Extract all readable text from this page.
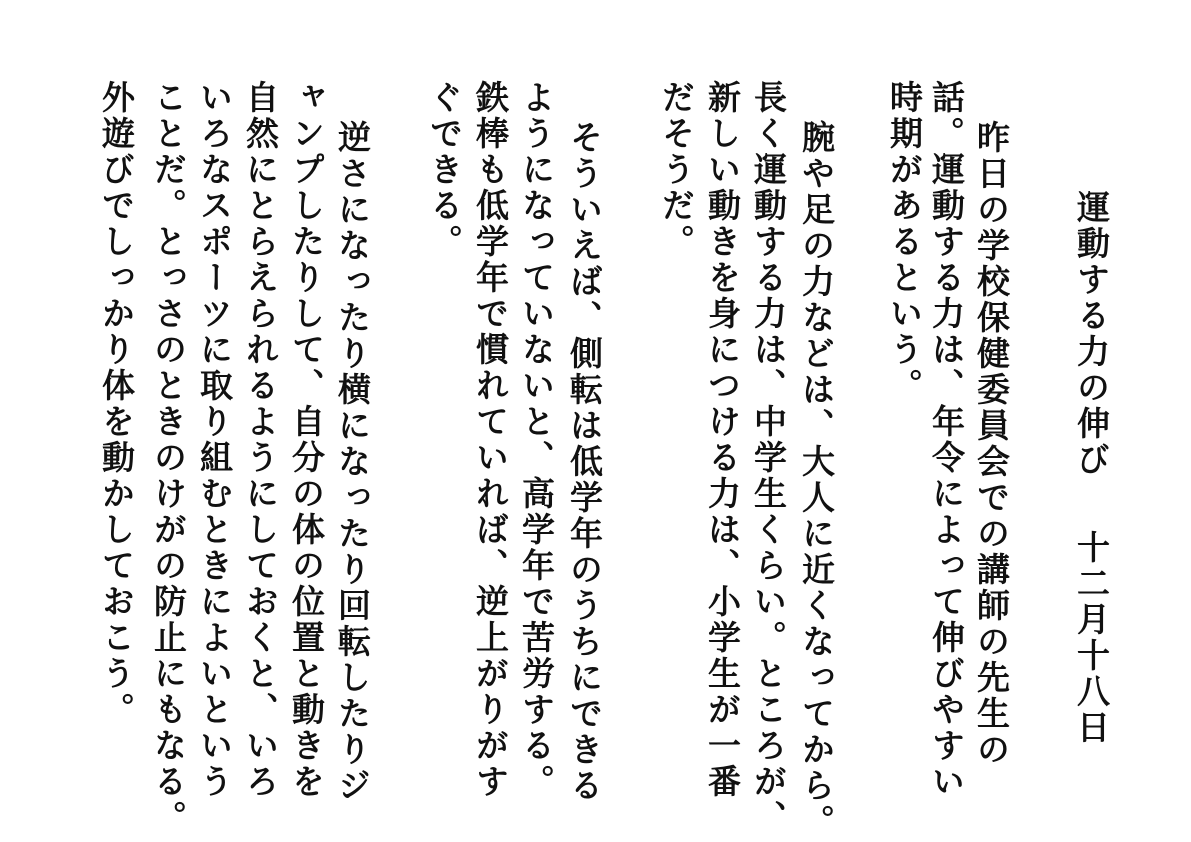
運動する力の伸び
十二月十八日
昨日の学校保健委員会での講師の先生の
話。運動する力は、年令によって伸びやすい
時期があるという。
腕や足の力などは、大人に近くなってから。
長く運動する力は、中学生くらい。ところが、
新しい動きを身につける力は、小学生が一番
だそうだ。
そういえば、側転は低学年のうちにできる
ようになっていないと、高学年で苦労する。
鉄棒も低学年で慣れていれば、逆上がりがす
ぐできる。
逆さになったり横になったり回転したりジ
ャンプしたりして、自分の体の位置と動きを
自然にとらえられるようにしておくと、いろ
いろなスポーツに取り組むときによいという
ことだ。とっさのときのけがの防止にもなる。
外遊びでしっかり体を動かしておこう。
